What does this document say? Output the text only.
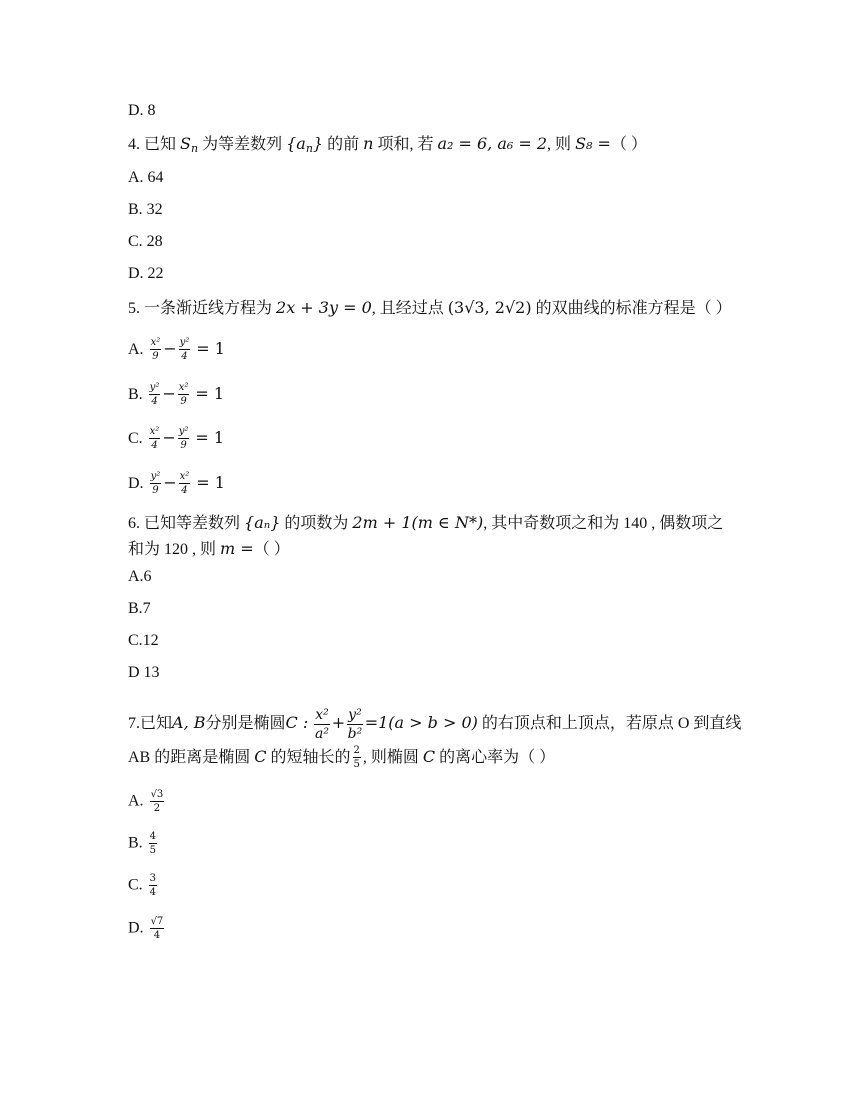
D. 8
4. 已知 $S_n$ 为等差数列 $\{a_n\}$ 的前 n 项和, 若 a₂ = 6, a₆ = 2, 则 S₈ =（ ）
A. 64
B. 32
C. 28
D. 22
5. 一条渐近线方程为 2x + 3y = 0, 且经过点 (3√3, 2√2) 的双曲线的标准方程是（ ）
A. $\frac{\text{x²}}{9} - \frac{\text{y²}}{4} = 1$
B. $\frac{\text{y²}}{4} - \frac{\text{x²}}{9} = 1$
C. $\frac{\text{x²}}{4} - \frac{\text{y²}}{9} = 1$
D. $\frac{\text{y²}}{9} - \frac{\text{x²}}{4} = 1$
6. 已知等差数列 {aₙ} 的项数为 2m + 1(m ∈ N*), 其中奇数项之和为 140 , 偶数项之
和为 120 , 则 m =（ ）
A.6
B.7
C.12
D 13
7.已知A, B分别是椭圆C : $\frac{\text{x²}}{\text{a²}} + \frac{\text{y²}}{\text{b²}} =1(a > b > 0)$ 的右顶点和上顶点，若原点 O 到直线
AB 的距离是椭圆 C 的短轴长的 $\frac{2}{5}$ , 则椭圆 C 的离心率为（ ）
A. $\frac{√3}{2}$
B. $\frac{4}{5}$
C. $\frac{3}{4}$
D. $\frac{√7}{4}$
